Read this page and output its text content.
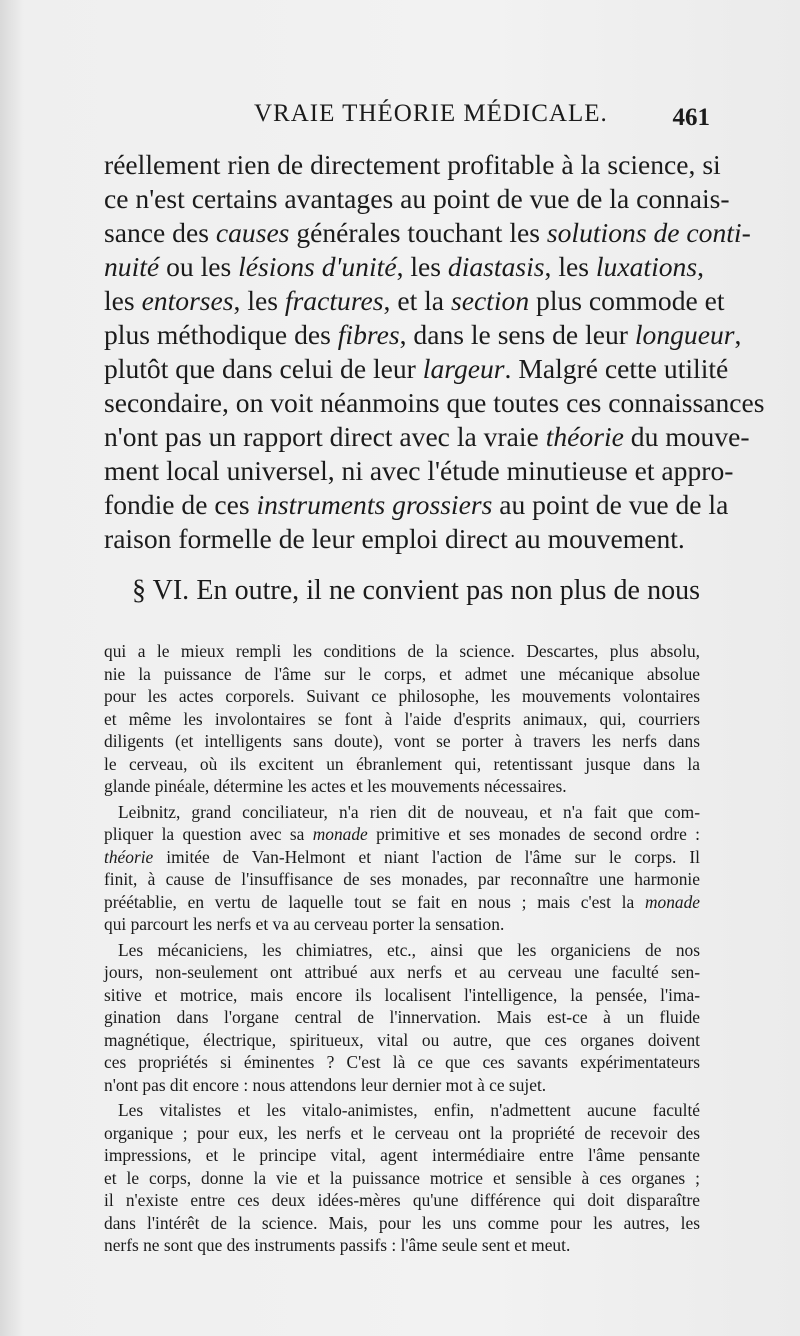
VRAIE THÉORIE MÉDICALE.	461

réellement rien de directement profitable à la science, si
ce n'est certains avantages au point de vue de la connais-
sance des causes générales touchant les solutions de conti-
nuité ou les lésions d'unité, les diastasis, les luxations,
les entorses, les fractures, et la section plus commode et
plus méthodique des fibres, dans le sens de leur longueur,
plutôt que dans celui de leur largeur. Malgré cette utilité
secondaire, on voit néanmoins que toutes ces connaissances
n'ont pas un rapport direct avec la vraie théorie du mouve-
ment local universel, ni avec l'étude minutieuse et appro-
fondie de ces instruments grossiers au point de vue de la
raison formelle de leur emploi direct au mouvement.

§ VI. En outre, il ne convient pas non plus de nous

qui a le mieux rempli les conditions de la science. Descartes, plus absolu,
nie la puissance de l'âme sur le corps, et admet une mécanique absolue
pour les actes corporels. Suivant ce philosophe, les mouvements volontaires
et même les involontaires se font à l'aide d'esprits animaux, qui, courriers
diligents (et intelligents sans doute), vont se porter à travers les nerfs dans
le cerveau, où ils excitent un ébranlement qui, retentissant jusque dans la
glande pinéale, détermine les actes et les mouvements nécessaires.

Leibnitz, grand conciliateur, n'a rien dit de nouveau, et n'a fait que com-
pliquer la question avec sa monade primitive et ses monades de second ordre :
théorie imitée de Van-Helmont et niant l'action de l'âme sur le corps. Il
finit, à cause de l'insuffisance de ses monades, par reconnaître une harmonie
préétablie, en vertu de laquelle tout se fait en nous ; mais c'est la monade
qui parcourt les nerfs et va au cerveau porter la sensation.

Les mécaniciens, les chimiatres, etc., ainsi que les organiciens de nos
jours, non-seulement ont attribué aux nerfs et au cerveau une faculté sen-
sitive et motrice, mais encore ils localisent l'intelligence, la pensée, l'ima-
gination dans l'organe central de l'innervation. Mais est-ce à un fluide
magnétique, électrique, spiritueux, vital ou autre, que ces organes doivent
ces propriétés si éminentes ? C'est là ce que ces savants expérimentateurs
n'ont pas dit encore : nous attendons leur dernier mot à ce sujet.

Les vitalistes et les vitalo-animistes, enfin, n'admettent aucune faculté
organique ; pour eux, les nerfs et le cerveau ont la propriété de recevoir des
impressions, et le principe vital, agent intermédiaire entre l'âme pensante
et le corps, donne la vie et la puissance motrice et sensible à ces organes ;
il n'existe entre ces deux idées-mères qu'une différence qui doit disparaître
dans l'intérêt de la science. Mais, pour les uns comme pour les autres, les
nerfs ne sont que des instruments passifs : l'âme seule sent et meut.
